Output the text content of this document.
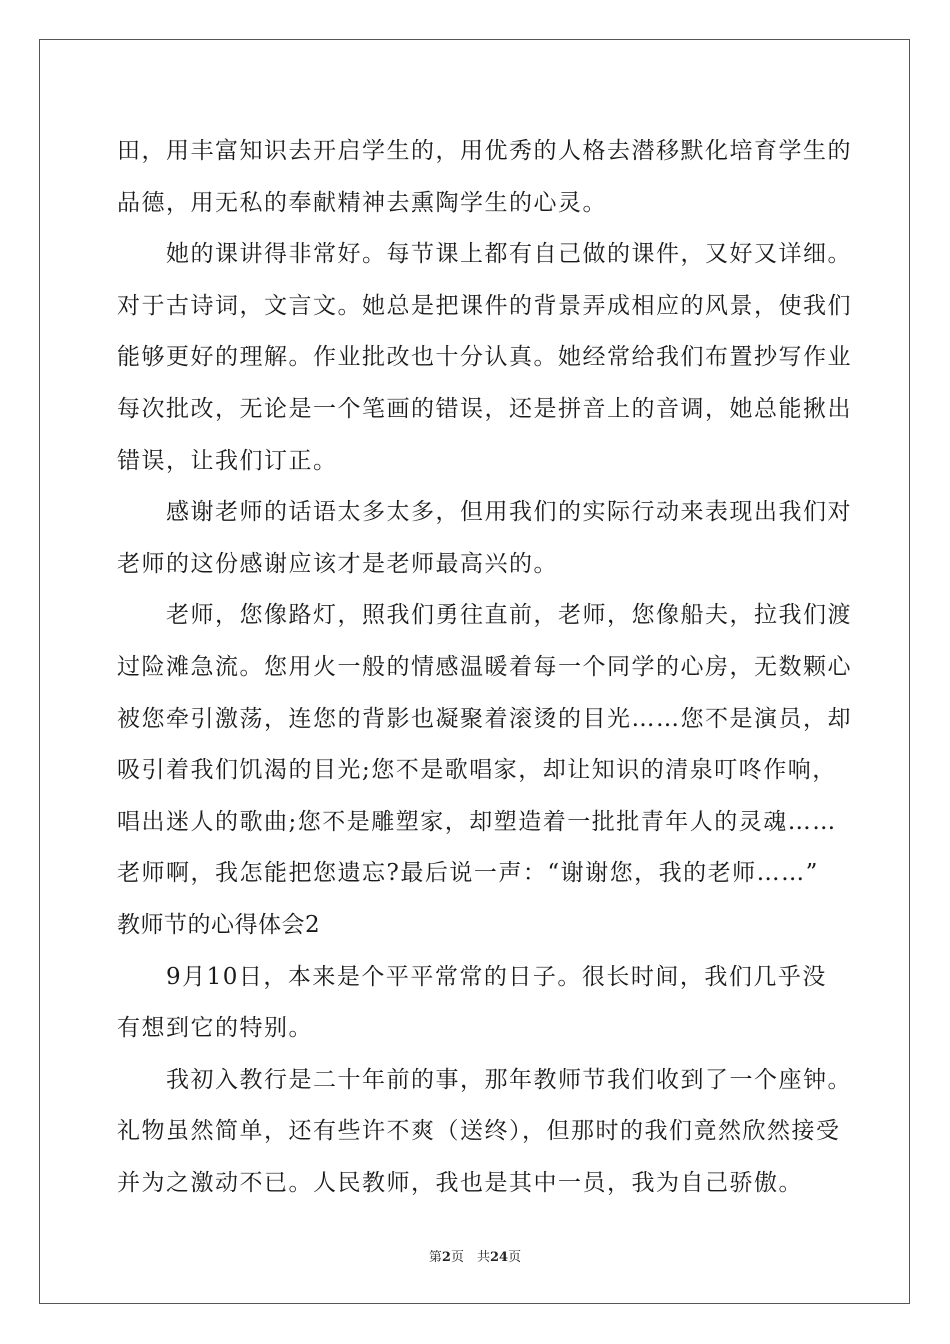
田，用丰富知识去开启学生的，用优秀的人格去潜移默化培育学生的
品德，用无私的奉献精神去熏陶学生的心灵。
　　她的课讲得非常好。每节课上都有自己做的课件，又好又详细。
对于古诗词，文言文。她总是把课件的背景弄成相应的风景，使我们
能够更好的理解。作业批改也十分认真。她经常给我们布置抄写作业
每次批改，无论是一个笔画的错误，还是拼音上的音调，她总能揪出
错误，让我们订正。
　　感谢老师的话语太多太多，但用我们的实际行动来表现出我们对
老师的这份感谢应该才是老师最高兴的。
　　老师，您像路灯，照我们勇往直前，老师，您像船夫，拉我们渡
过险滩急流。您用火一般的情感温暖着每一个同学的心房，无数颗心
被您牵引激荡，连您的背影也凝聚着滚烫的目光……您不是演员，却
吸引着我们饥渴的目光;您不是歌唱家，却让知识的清泉叮咚作响，
唱出迷人的歌曲;您不是雕塑家，却塑造着一批批青年人的灵魂……
老师啊，我怎能把您遗忘?最后说一声：“谢谢您，我的老师……”
教师节的心得体会2
　　9月10日，本来是个平平常常的日子。很长时间，我们几乎没
有想到它的特别。
　　我初入教行是二十年前的事，那年教师节我们收到了一个座钟。
礼物虽然简单，还有些许不爽（送终），但那时的我们竟然欣然接受
并为之激动不已。人民教师，我也是其中一员，我为自己骄傲。
第2页　共24页
